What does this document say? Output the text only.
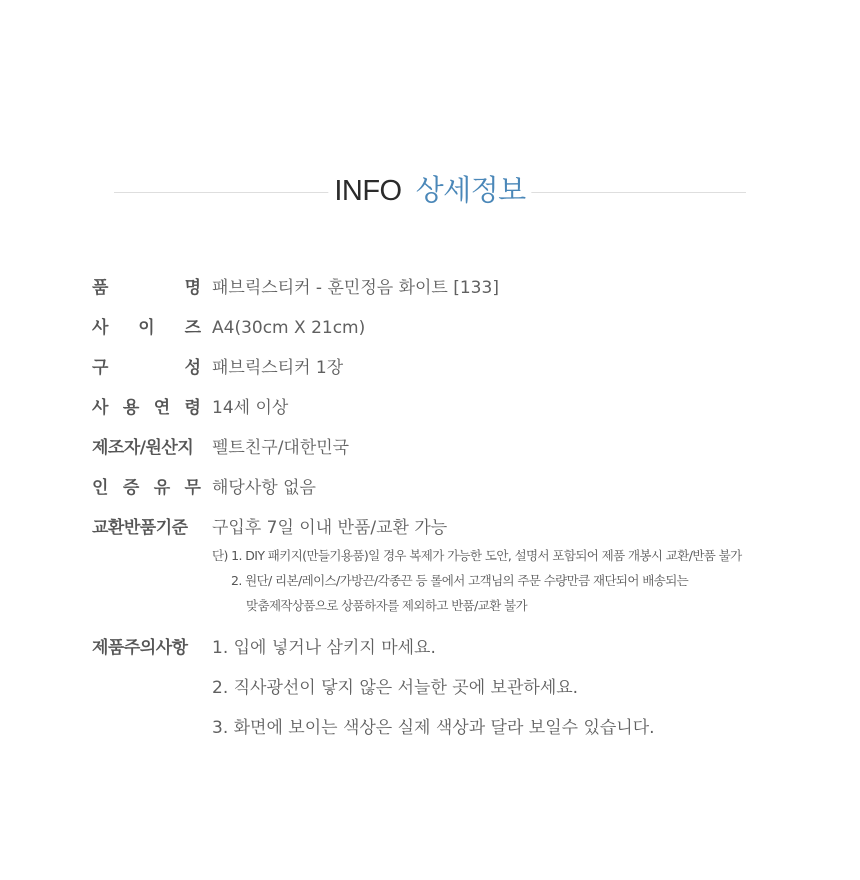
INFO 상세정보
품	명 패브릭스티커 - 훈민정음 화이트 [133]
사 이 즈 A4(30cm X 21cm)
구	성 패브릭스티커 1장
사 용 연 령 14세 이상
제조자/원산지	펠트친구/대한민국
인 증 유 무 해당사항 없음
교환반품기준	구입후 7일 이내 반품/교환 가능
단) 1. DIY 패키지(만들기용품)일 경우 복제가 가능한 도안, 설명서 포함되어 제품 개봉시 교환/반품 불가
2. 원단/ 리본/레이스/가방끈/각종끈 등 롤에서 고객님의 주문 수량만큼 재단되어 배송되는
맞춤제작상품으로 상품하자를 제외하고 반품/교환 불가
제품주의사항	1. 입에 넣거나 삼키지 마세요.
2. 직사광선이 닿지 않은 서늘한 곳에 보관하세요.
3. 화면에 보이는 색상은 실제 색상과 달라 보일수 있습니다.
